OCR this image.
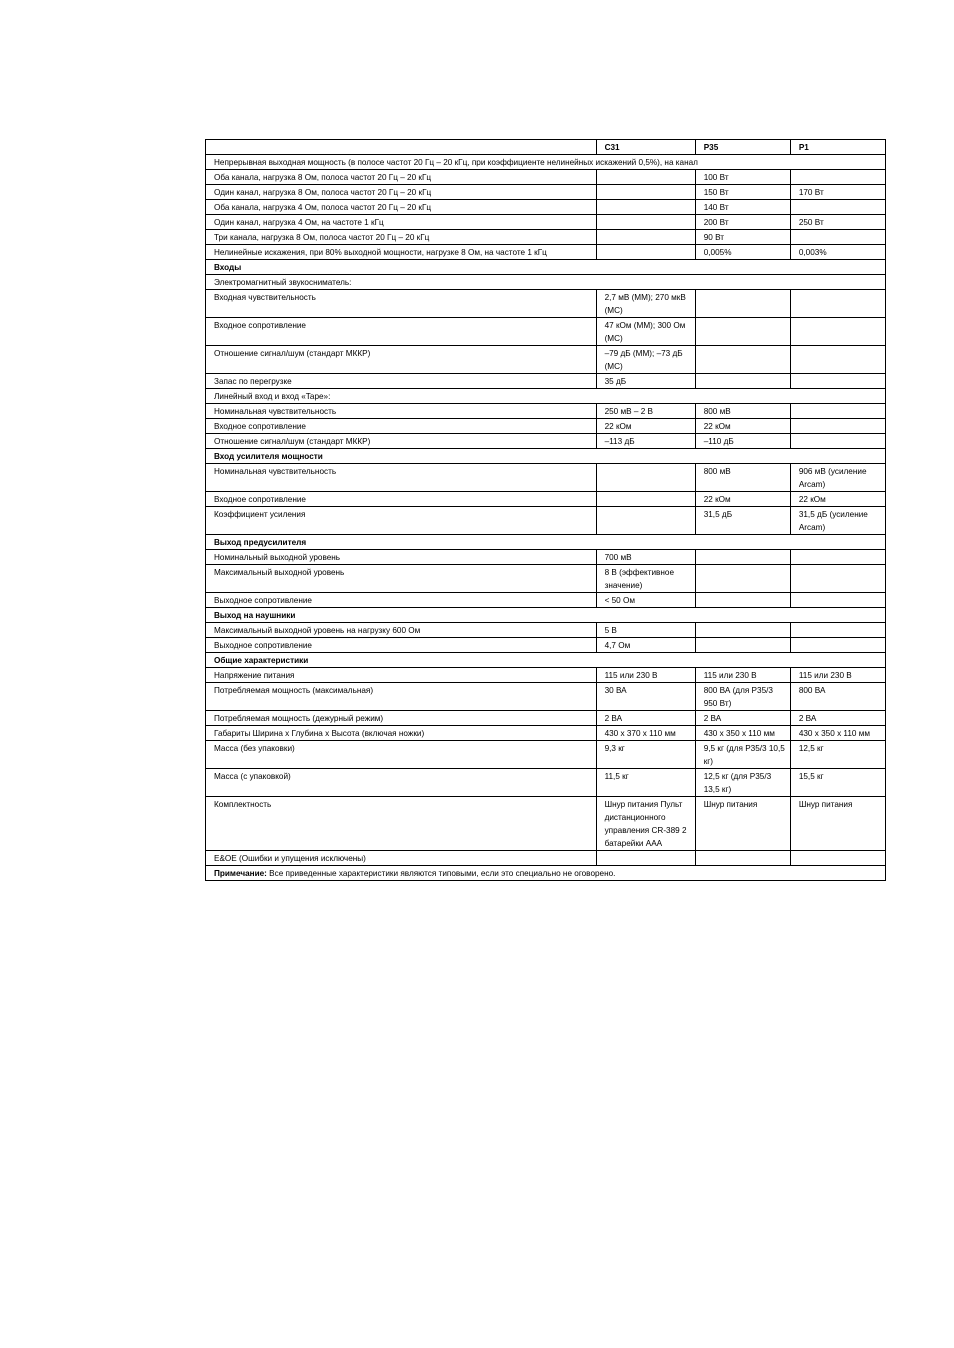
	C31	P35	P1
Непрерывная выходная мощность (в полосе частот 20 Гц – 20 кГц, при коэффициенте нелинейных искажений 0,5%), на канал			
Оба канала, нагрузка 8 Ом, полоса частот 20 Гц – 20 кГц		100 Вт	
Один канал, нагрузка 8 Ом, полоса частот 20 Гц – 20 кГц		150 Вт	170 Вт
Оба канала, нагрузка 4 Ом, полоса частот 20 Гц – 20 кГц		140 Вт	
Один канал, нагрузка 4 Ом, на частоте 1 кГц		200 Вт	250 Вт
Три канала, нагрузка 8 Ом, полоса частот 20 Гц – 20 кГц		90 Вт	
Нелинейные искажения, при 80% выходной мощности, нагрузке 8 Ом, на частоте 1 кГц		0,005%	0,003%
Входы			
Электромагнитный звукосниматель:			
Входная чувствительность	2,7 мВ (MM); 270 мкВ (MC)		
Входное сопротивление	47 кОм (MM); 300 Ом (MC)		
Отношение сигнал/шум (стандарт МККР)	–79 дБ (MM); –73 дБ (MC)		
Запас по перегрузке	35 дБ		
Линейный вход и вход «Tape»:			
Номинальная чувствительность	250 мВ – 2 В	800 мВ	
Входное сопротивление	22 кОм	22 кОм	
Отношение сигнал/шум (стандарт МККР)	–113 дБ	–110 дБ	
Вход усилителя мощности			
Номинальная чувствительность		800 мВ	906 мВ (усиление Arcam)
Входное сопротивление		22 кОм	22 кОм
Коэффициент усиления		31,5 дБ	31,5 дБ (усиление Arcam)
Выход предусилителя			
Номинальный выходной уровень	700 мВ		
Максимальный выходной уровень	8 В (эффективное значение)		
Выходное сопротивление	< 50 Ом		
Выход на наушники			
Максимальный выходной уровень на нагрузку 600 Ом	5 В		
Выходное сопротивление	4,7 Ом		
Общие характеристики			
Напряжение питания	115 или 230 В	115 или 230 В	115 или 230 В
Потребляемая мощность (максимальная)	30 ВА	800 ВА (для P35/3 950 Вт)	800 ВА
Потребляемая мощность (дежурный режим)	2 ВА	2 ВА	2 ВА
Габариты Ширина х Глубина х Высота (включая ножки)	430 х 370 х 110 мм	430 х 350 х 110 мм	430 х 350 х 110 мм
Масса (без упаковки)	9,3 кг	9,5 кг (для P35/3 10,5 кг)	12,5 кг
Масса (с упаковкой)	11,5 кг	12,5 кг (для P35/3 13,5 кг)	15,5 кг
Комплектность	Шнур питания Пульт дистанционного управления CR-389 2 батарейки ААА	Шнур питания	Шнур питания
E&OE (Ошибки и упущения исключены)			
Примечание: Все приведенные характеристики являются типовыми, если это специально не оговорено.			
